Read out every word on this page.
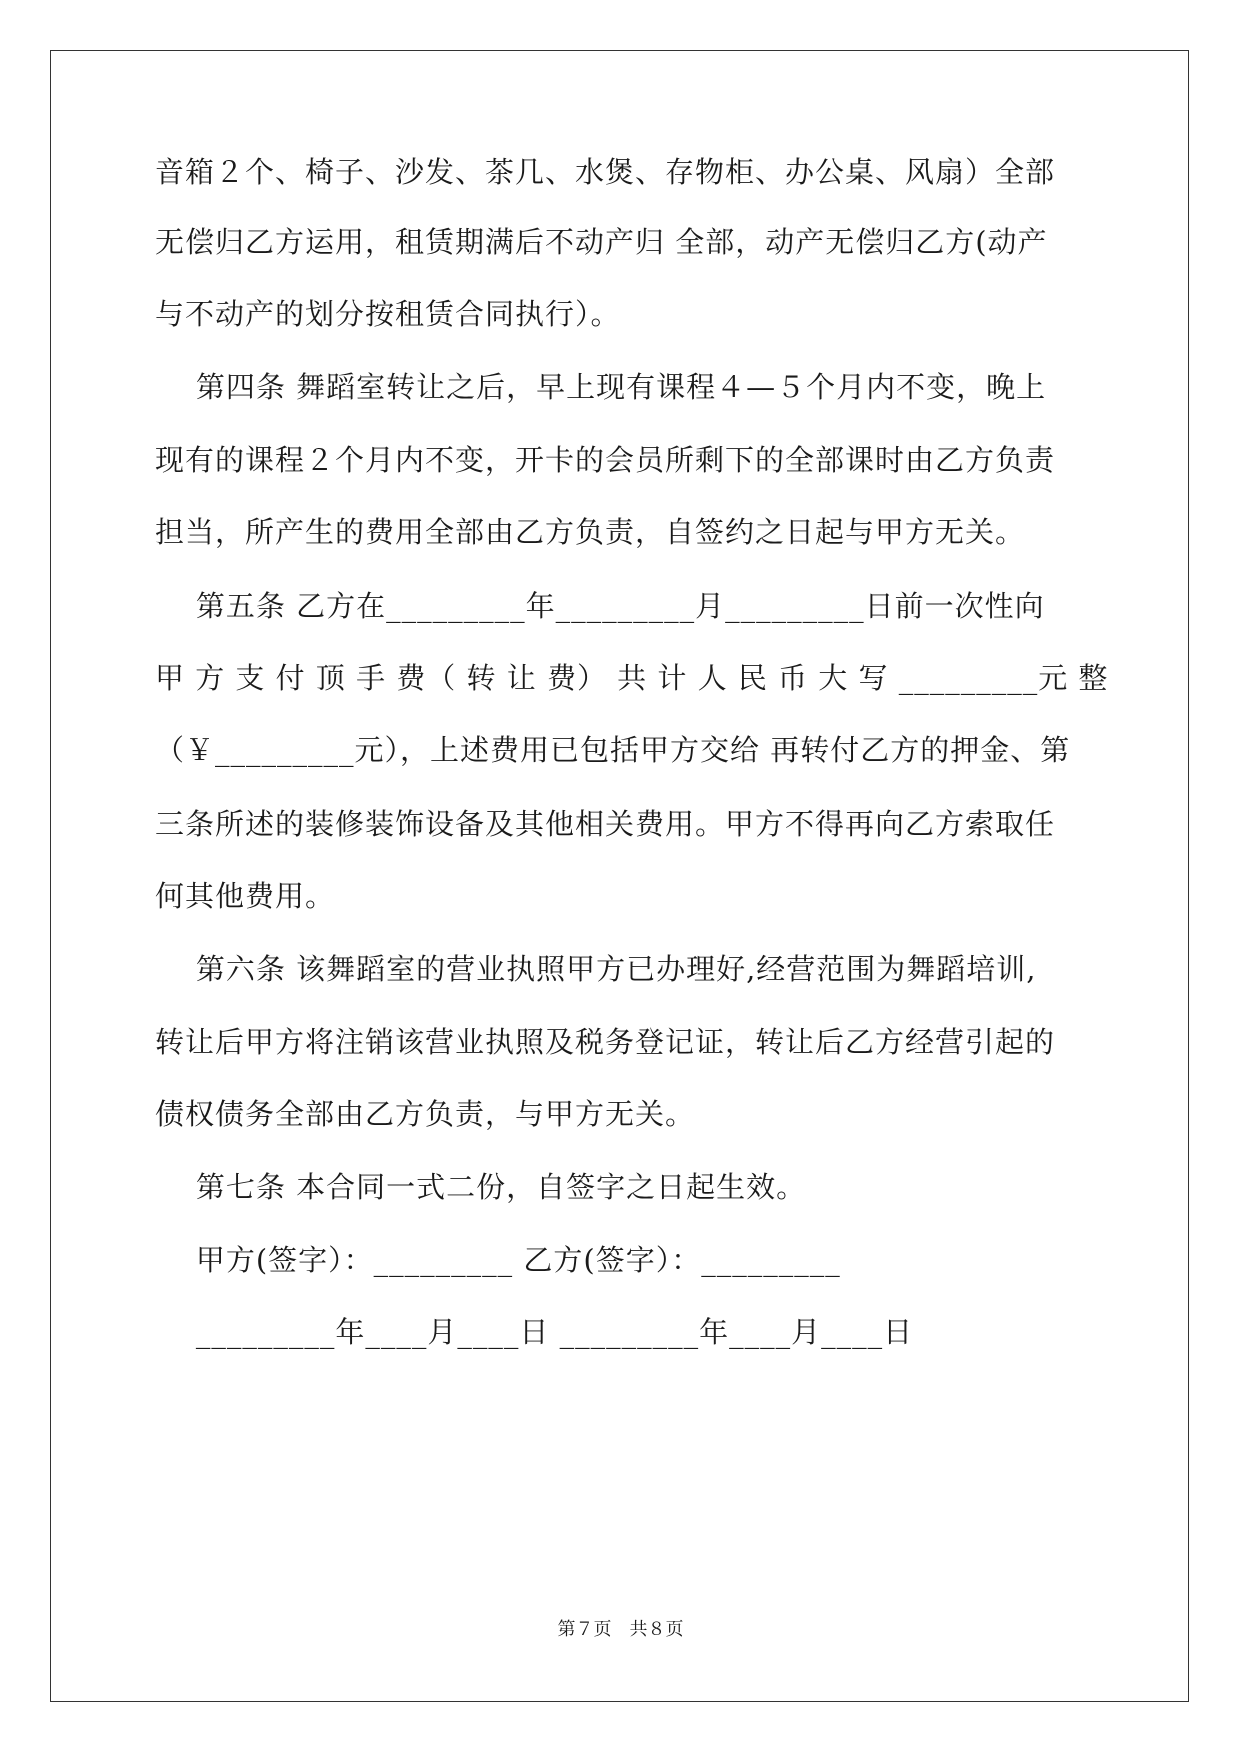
音箱２个、椅子、沙发、茶几、水煲、存物柜、办公桌、风扇）全部
无偿归乙方运用，租赁期满后不动产归 全部，动产无偿归乙方(动产
与不动产的划分按租赁合同执行）。
第四条 舞蹈室转让之后，早上现有课程４—５个月内不变，晚上
现有的课程２个月内不变，开卡的会员所剩下的全部课时由乙方负责
担当，所产生的费用全部由乙方负责，自签约之日起与甲方无关。
第五条 乙方在_________年_________月_________日前一次性向
甲 方 支 付 顶 手 费（ 转 让 费） 共 计 人 民 币 大 写 _________元 整
（￥_________元），上述费用已包括甲方交给 再转付乙方的押金、第
三条所述的装修装饰设备及其他相关费用。甲方不得再向乙方索取任
何其他费用。
第六条 该舞蹈室的营业执照甲方已办理好,经营范围为舞蹈培训,
转让后甲方将注销该营业执照及税务登记证，转让后乙方经营引起的
债权债务全部由乙方负责，与甲方无关。
第七条 本合同一式二份，自签字之日起生效。
甲方(签字）：_________ 乙方(签字）：_________
_________年____月____日 _________年____月____日
第７页　共８页
